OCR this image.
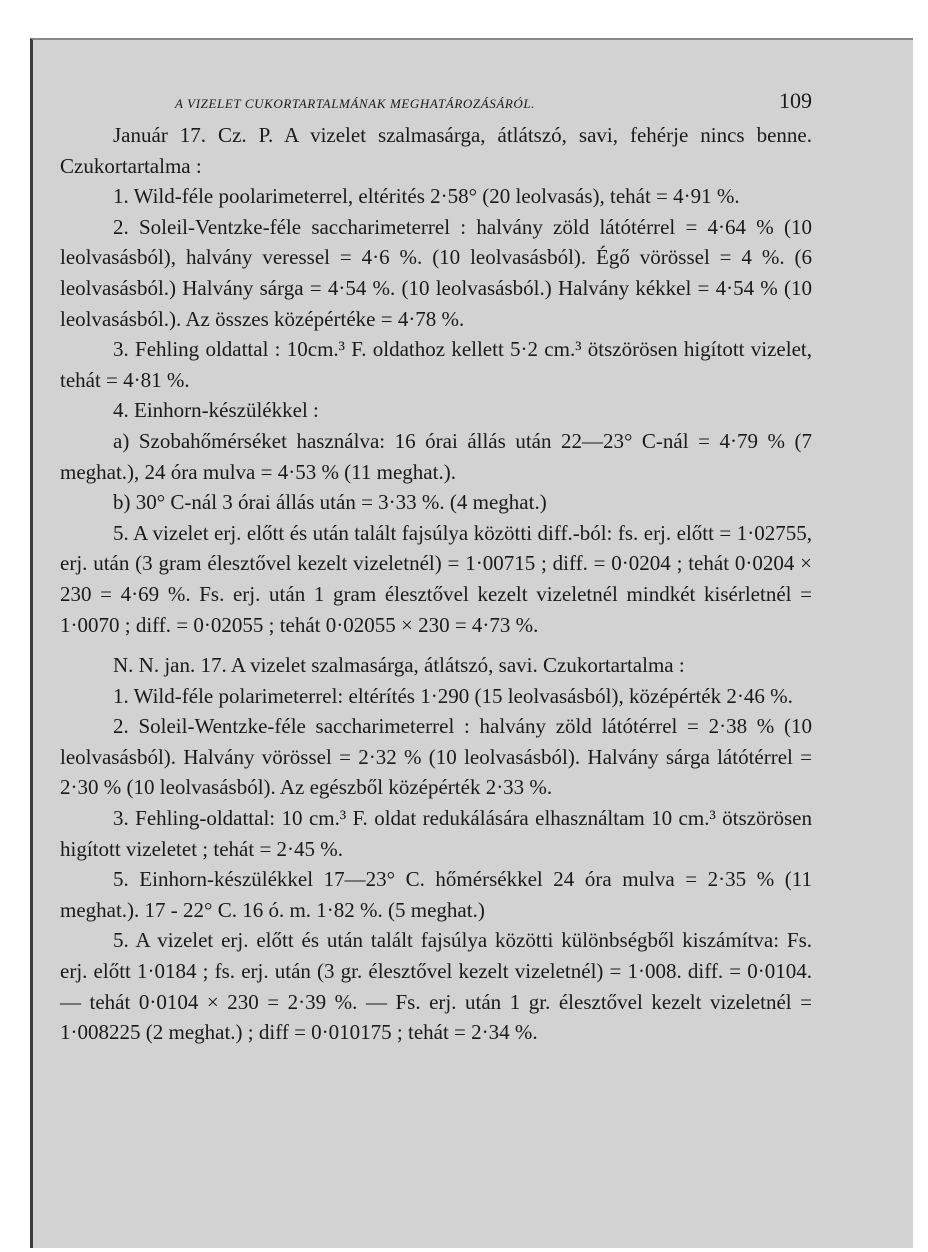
A VIZELET CUKORTARTALMÁNAK MEGHATÁROZÁSÁRÓL.	109

Január 17. Cz. P. A vizelet szalmasárga, átlátszó, savi, fehérje nincs benne. Czukortartalma :

1. Wild-féle poolarimeterrel, eltérités 2·58° (20 leolvasás), tehát = 4·91 %.

2. Soleil-Ventzke-féle saccharimeterrel : halvány zöld látótérrel = 4·64 % (10 leolvasásból), halvány veressel = 4·6 %. (10 leolvasásból). Égő vörössel = 4 %. (6 leolvasásból.) Halvány sárga = 4·54 %. (10 leolvasásból.) Halvány kékkel = 4·54 % (10 leolvasásból.). Az összes középértéke = 4·78 %.

3. Fehling oldattal : 10cm.³ F. oldathoz kellett 5·2 cm.³ ötszörösen higított vizelet, tehát = 4·81 %.

4. Einhorn-készülékkel :

a) Szobahőmérséket használva: 16 órai állás után 22—23° C-nál = 4·79 % (7 meghat.), 24 óra mulva = 4·53 % (11 meghat.).

b) 30° C-nál 3 órai állás után = 3·33 %. (4 meghat.)

5. A vizelet erj. előtt és után talált fajsúlya közötti diff.-ból: fs. erj. előtt = 1·02755, erj. után (3 gram élesztővel kezelt vizeletnél) = 1·00715 ; diff. = 0·0204 ; tehát 0·0204 × 230 = 4·69 %. Fs. erj. után 1 gram élesztővel kezelt vizeletnél mindkét kisérletnél = 1·0070 ; diff. = 0·02055 ; tehát 0·02055 × 230 = 4·73 %.

N. N. jan. 17. A vizelet szalmasárga, átlátszó, savi. Czukortartalma :

1. Wild-féle polarimeterrel: eltérítés 1·290 (15 leolvasásból), középérték 2·46 %.

2. Soleil-Wentzke-féle saccharimeterrel : halvány zöld látótérrel = 2·38 % (10 leolvasásból). Halvány vörössel = 2·32 % (10 leolvasásból). Halvány sárga látótérrel = 2·30 % (10 leolvasásból). Az egészből középérték 2·33 %.

3. Fehling-oldattal: 10 cm.³ F. oldat redukálására elhasználtam 10 cm.³ ötszörösen higított vizeletet ; tehát = 2·45 %.

5. Einhorn-készülékkel 17—23° C. hőmérsékkel 24 óra mulva = 2·35 % (11 meghat.). 17 - 22° C. 16 ó. m. 1·82 %. (5 meghat.)

5. A vizelet erj. előtt és után talált fajsúlya közötti különbségből kiszámítva: Fs. erj. előtt 1·0184 ; fs. erj. után (3 gr. élesztővel kezelt vizeletnél) = 1·008. diff. = 0·0104. — tehát 0·0104 × 230 = 2·39 %. — Fs. erj. után 1 gr. élesztővel kezelt vizeletnél = 1·008225 (2 meghat.) ; diff = 0·010175 ; tehát = 2·34 %.
